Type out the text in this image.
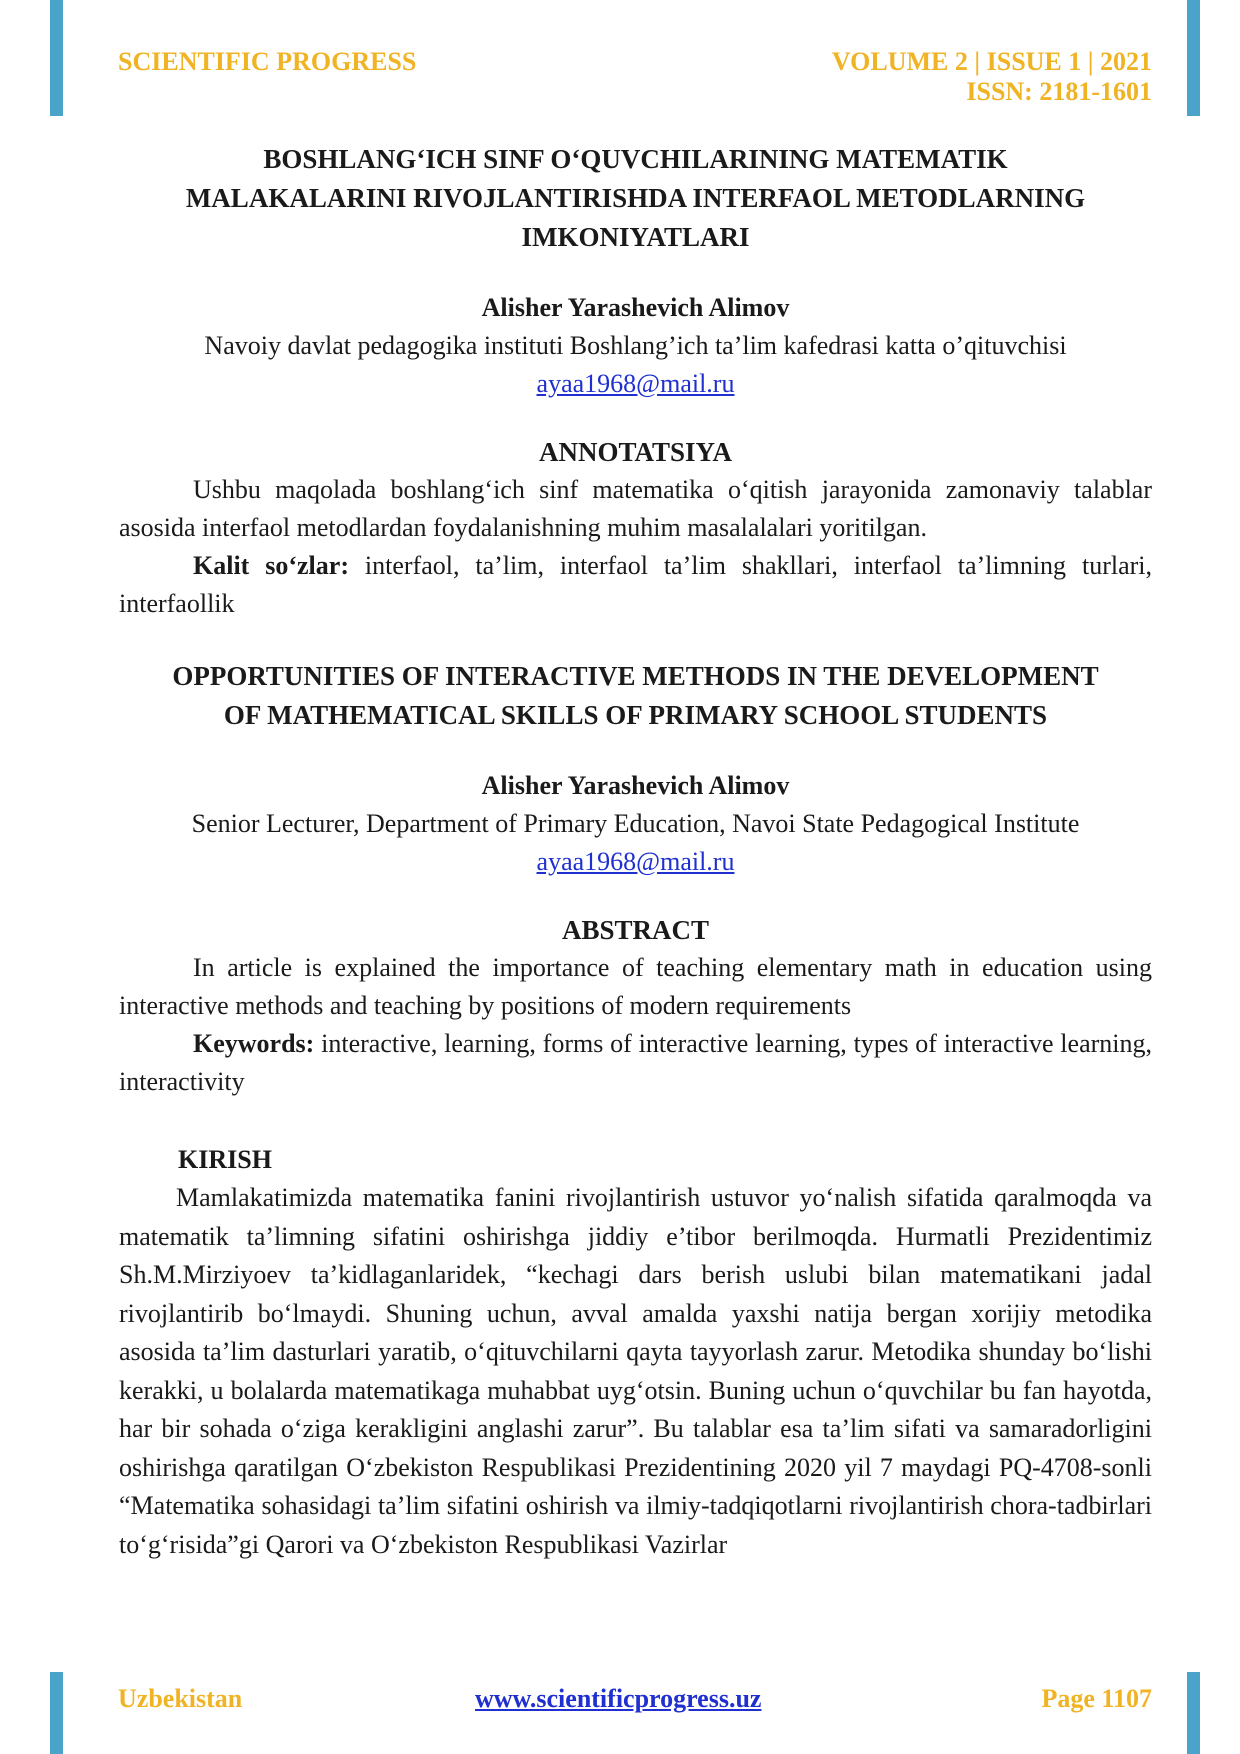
SCIENTIFIC PROGRESS	VOLUME 2 | ISSUE 1 | 2021
ISSN: 2181-1601

BOSHLANG‘ICH SINF O‘QUVCHILARINING MATEMATIK

MALAKALARINI RIVOJLANTIRISHDA INTERFAOL METODLARNING

IMKONIYATLARI

Alisher Yarashevich Alimov

Navoiy davlat pedagogika instituti Boshlang’ich ta’lim kafedrasi katta o’qituvchisi

ayaa1968@mail.ru

ANNOTATSIYA

Ushbu maqolada boshlang‘ich sinf matematika o‘qitish jarayonida zamonaviy talablar asosida interfaol metodlardan foydalanishning muhim masalalalari yoritilgan.

Kalit so‘zlar: interfaol, ta’lim, interfaol ta’lim shakllari, interfaol ta’limning turlari, interfaollik

OPPORTUNITIES OF INTERACTIVE METHODS IN THE DEVELOPMENT

OF MATHEMATICAL SKILLS OF PRIMARY SCHOOL STUDENTS

Alisher Yarashevich Alimov

Senior Lecturer, Department of Primary Education, Navoi State Pedagogical Institute

ayaa1968@mail.ru

ABSTRACT

In article is explained the importance of teaching elementary math in education using interactive methods and teaching by positions of modern requirements

Keywords: interactive, learning, forms of interactive learning, types of interactive learning, interactivity

KIRISH

Mamlakatimizda matematika fanini rivojlantirish ustuvor yo‘nalish sifatida qaralmoqda va matematik ta’limning sifatini oshirishga jiddiy e’tibor berilmoqda. Hurmatli Prezidentimiz Sh.M.Mirziyoev ta’kidlaganlaridek, “kechagi dars berish uslubi bilan matematikani jadal rivojlantirib bo‘lmaydi. Shuning uchun, avval amalda yaxshi natija bergan xorijiy metodika asosida ta’lim dasturlari yaratib, o‘qituvchilarni qayta tayyorlash zarur. Metodika shunday bo‘lishi kerakki, u bolalarda matematikaga muhabbat uyg‘otsin. Buning uchun o‘quvchilar bu fan hayotda, har bir sohada o‘ziga kerakligini anglashi zarur”. Bu talablar esa ta’lim sifati va samaradorligini oshirishga qaratilgan O‘zbekiston Respublikasi Prezidentining 2020 yil 7 maydagi PQ-4708-sonli “Matematika sohasidagi ta’lim sifatini oshirish va ilmiy-tadqiqotlarni rivojlantirish chora-tadbirlari to‘g‘risida”gi Qarori va O‘zbekiston Respublikasi Vazirlar

Uzbekistan	www.scientificprogress.uz	Page 1107
